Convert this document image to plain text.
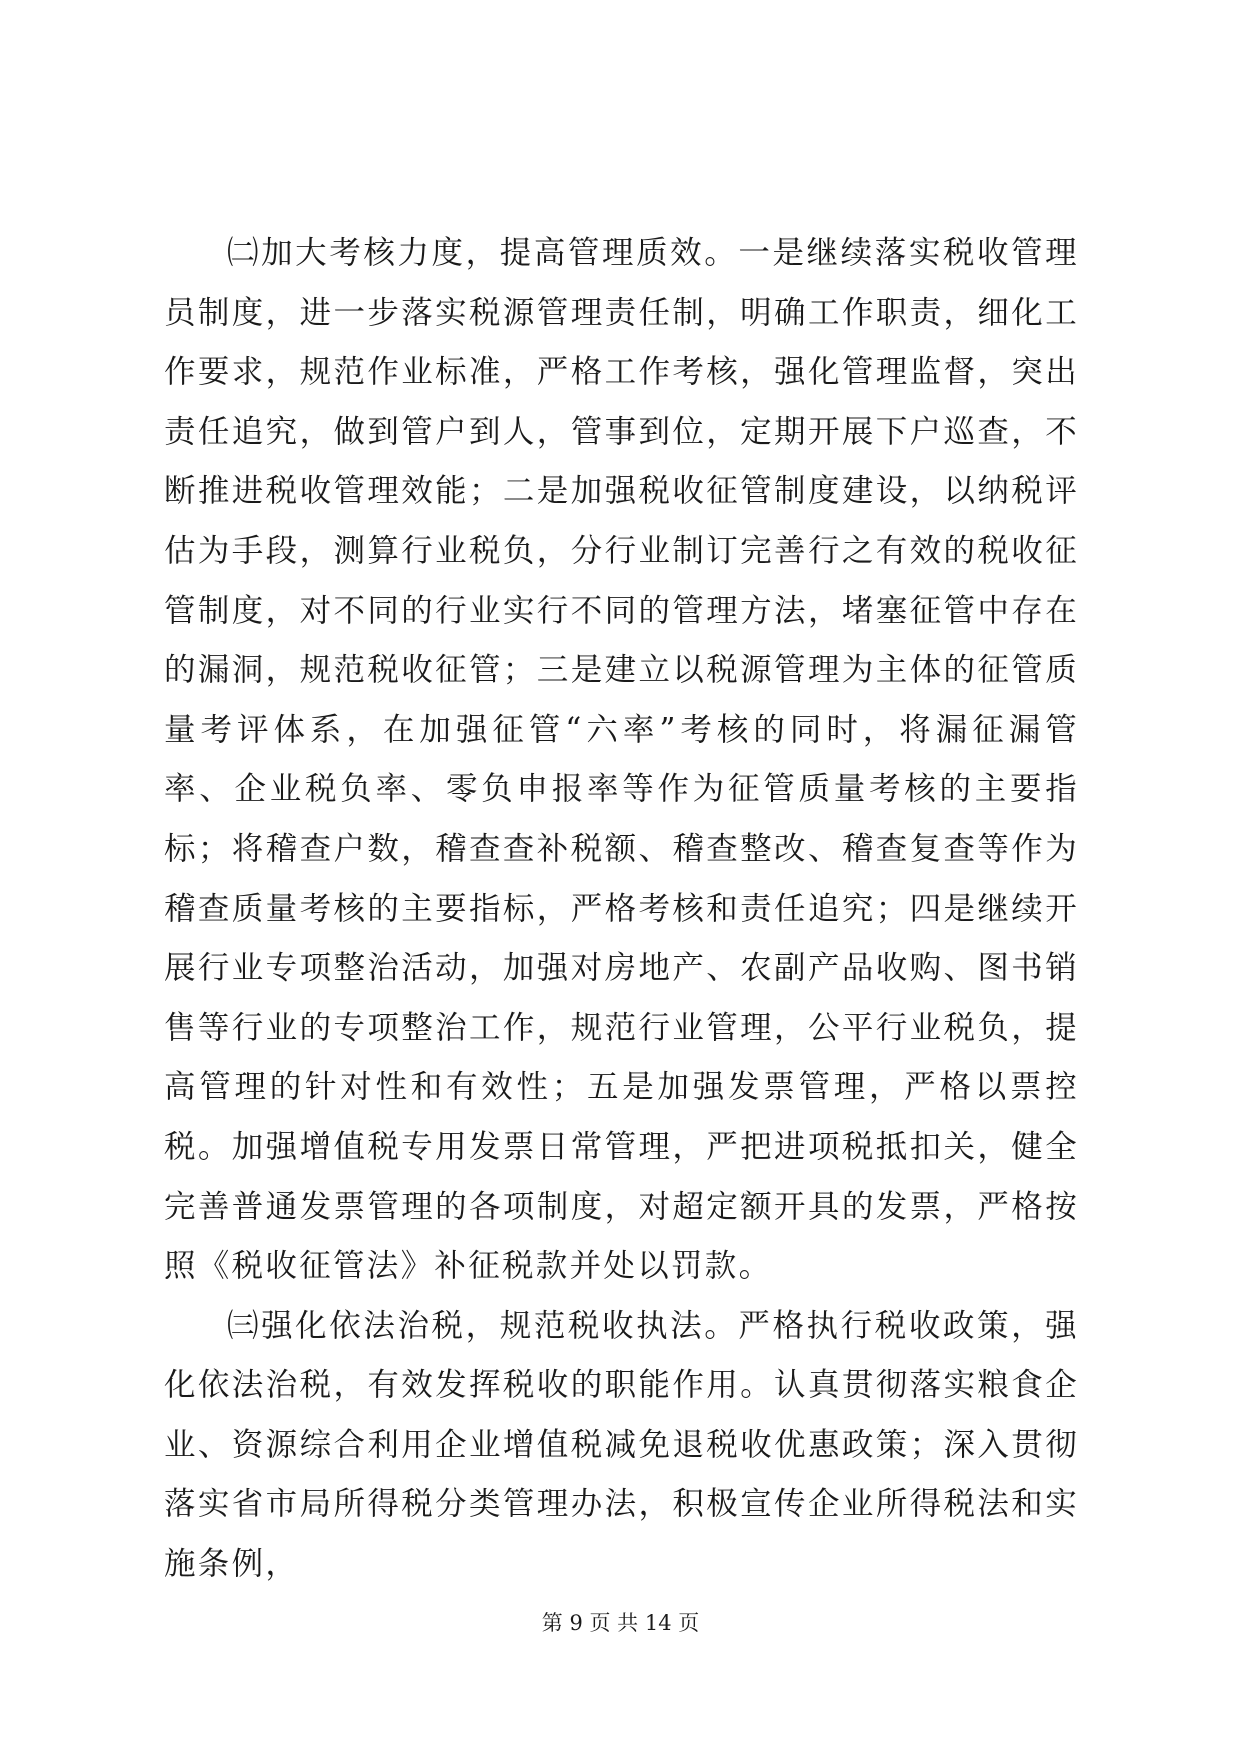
㈡加大考核力度，提高管理质效。一是继续落实税收管理员制度，进一步落实税源管理责任制，明确工作职责，细化工作要求，规范作业标准，严格工作考核，强化管理监督，突出责任追究，做到管户到人，管事到位，定期开展下户巡查，不断推进税收管理效能；二是加强税收征管制度建设，以纳税评估为手段，测算行业税负，分行业制订完善行之有效的税收征管制度，对不同的行业实行不同的管理方法，堵塞征管中存在的漏洞，规范税收征管；三是建立以税源管理为主体的征管质量考评体系，在加强征管“六率”考核的同时，将漏征漏管率、企业税负率、零负申报率等作为征管质量考核的主要指标；将稽查户数，稽查查补税额、稽查整改、稽查复查等作为稽查质量考核的主要指标，严格考核和责任追究；四是继续开展行业专项整治活动，加强对房地产、农副产品收购、图书销售等行业的专项整治工作，规范行业管理，公平行业税负，提高管理的针对性和有效性；五是加强发票管理，严格以票控税。加强增值税专用发票日常管理，严把进项税抵扣关，健全完善普通发票管理的各项制度，对超定额开具的发票，严格按照《税收征管法》补征税款并处以罚款。

㈢强化依法治税，规范税收执法。严格执行税收政策，强化依法治税，有效发挥税收的职能作用。认真贯彻落实粮食企业、资源综合利用企业增值税减免退税收优惠政策；深入贯彻落实省市局所得税分类管理办法，积极宣传企业所得税法和实施条例，

第 9 页 共 14 页
